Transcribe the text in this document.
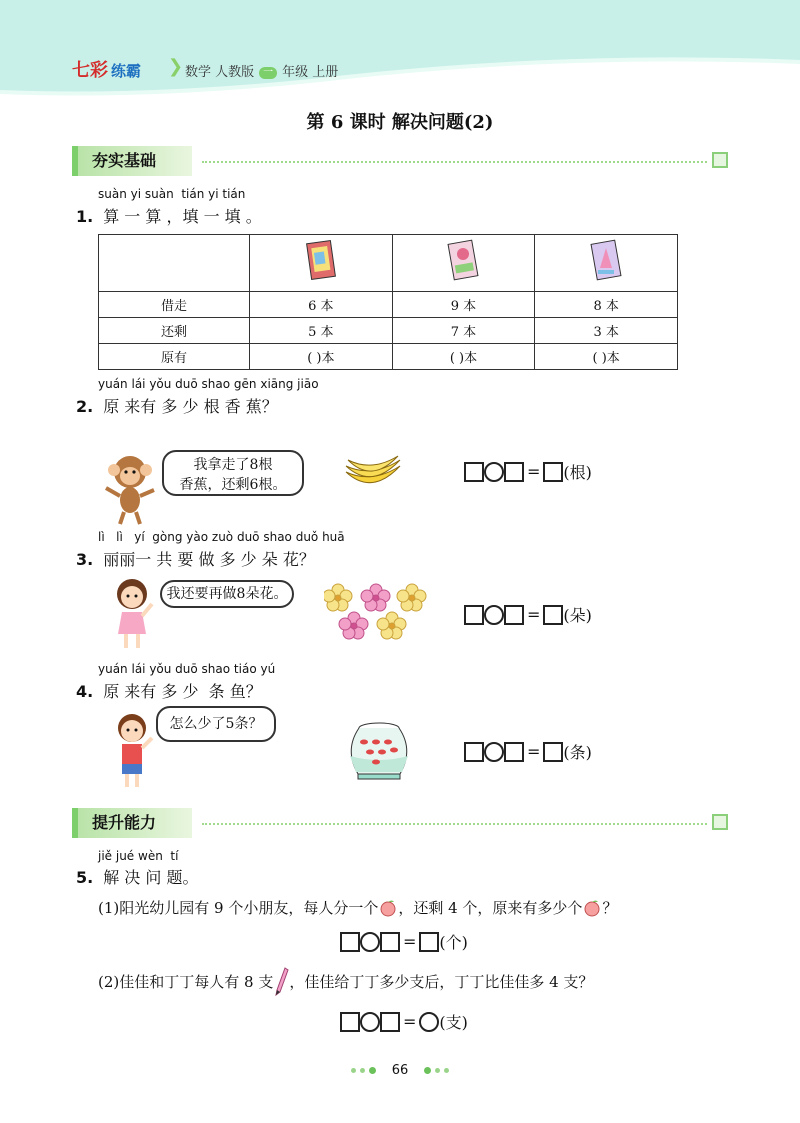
七彩 练霸 ❯ 数学 人教版 一 年级 上册
第 6 课时 解决问题(2)
夯实基础
suàn yi suàn  tián yi tián
1. 算 一 算 ，填 一 填 。

借走	6 本	9 本	8 本
还剩	5 本	7 本	3 本
原有	( )本	( )本	( )本
yuán lái yǒu duō shao gēn xiāng jiāo
2. 原 来有 多 少 根 香 蕉？
我拿走了8根
香蕉，还剩6根。
= (根)
lì   lì   yí  gòng yào zuò duō shao duǒ huā
3. 丽丽一 共 要 做 多 少 朵 花？
我还要再做8朵花。
= (朵)
yuán lái yǒu duō shao tiáo yú
4. 原 来有 多 少  条 鱼？
怎么少了5条？
= (条)
提升能力
jiě jué wèn  tí
5. 解 决 问 题。
(1)阳光幼儿园有 9 个小朋友，每人分一个 ，还剩 4 个，原来有多少个 ？
= (个)
(2)佳佳和丁丁每人有 8 支 ，佳佳给丁丁多少支后，丁丁比佳佳多 4 支？
= (支)
66
